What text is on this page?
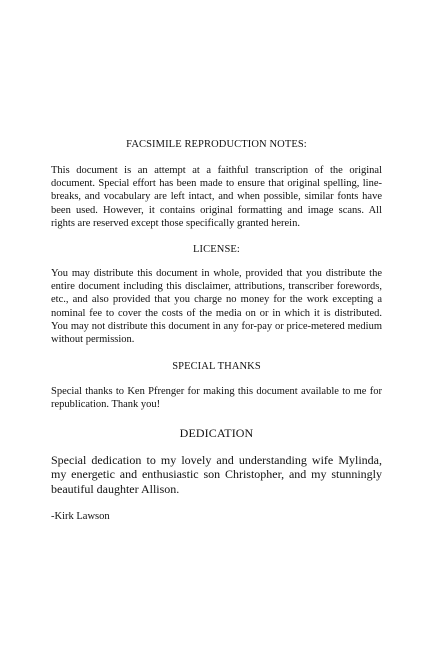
FACSIMILE REPRODUCTION NOTES:
This document is an attempt at a faithful transcription of the original document. Special effort has been made to ensure that original spelling, line-breaks, and vocabulary are left intact, and when possible, similar fonts have been used. However, it contains original formatting and image scans. All rights are reserved except those specifically granted herein.
LICENSE:
You may distribute this document in whole, provided that you distribute the entire document including this disclaimer, attributions, transcriber forewords, etc., and also provided that you charge no money for the work excepting a nominal fee to cover the costs of the media on or in which it is distributed. You may not distribute this document in any for-pay or price-metered medium without permission.
SPECIAL THANKS
Special thanks to Ken Pfrenger for making this document available to me for republication. Thank you!
DEDICATION
Special dedication to my lovely and understanding wife Mylinda, my energetic and enthusiastic son Christopher, and my stunningly beautiful daughter Allison.
-Kirk Lawson
